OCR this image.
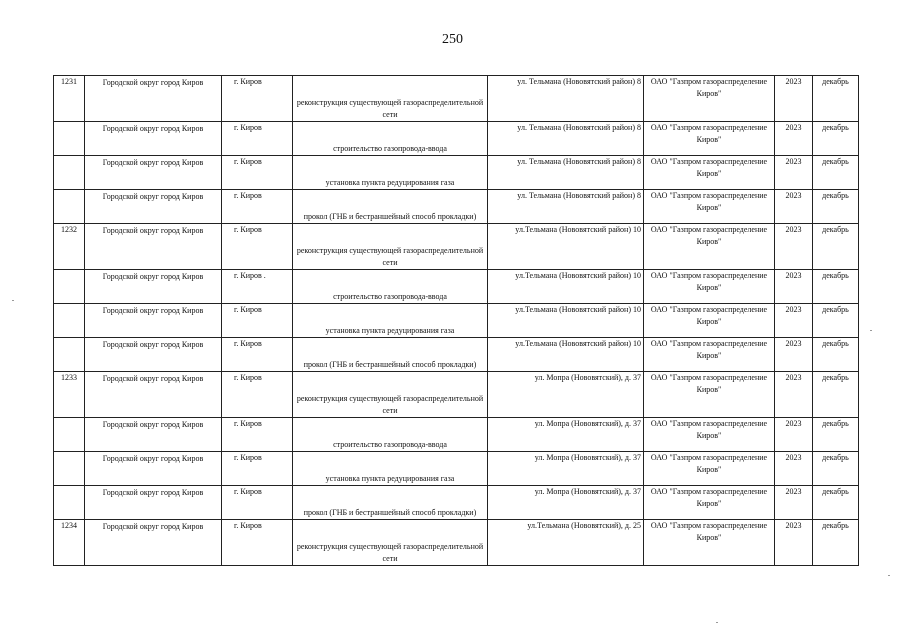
250
1231	Городской округ город Киров	г. Киров	реконструкция существующей газораспределительной сети	ул. Тельмана (Нововятский район) 8	ОАО "Газпром газораспределение Киров"	2023	декабрь
	Городской округ город Киров	г. Киров	строительство газопровода-ввода	ул. Тельмана (Нововятский район) 8	ОАО "Газпром газораспределение Киров"	2023	декабрь
	Городской округ город Киров	г. Киров	установка пункта редуцирования газа	ул. Тельмана (Нововятский район) 8	ОАО "Газпром газораспределение Киров"	2023	декабрь
	Городской округ город Киров	г. Киров	прокол (ГНБ и бестраншейный способ прокладки)	ул. Тельмана (Нововятский район) 8	ОАО "Газпром газораспределение Киров"	2023	декабрь
1232	Городской округ город Киров	г. Киров	реконструкция существующей газораспределительной сети	ул.Тельмана (Нововятский район) 10	ОАО "Газпром газораспределение Киров"	2023	декабрь
	Городской округ город Киров	г. Киров .	строительство газопровода-ввода	ул.Тельмана (Нововятский район) 10	ОАО "Газпром газораспределение Киров"	2023	декабрь
	Городской округ город Киров	г. Киров	установка пункта редуцирования газа	ул.Тельмана (Нововятский район) 10	ОАО "Газпром газораспределение Киров"	2023	декабрь
	Городской округ город Киров	г. Киров	прокол (ГНБ и бестраншейный способ прокладки)	ул.Тельмана (Нововятский район) 10	ОАО "Газпром газораспределение Киров"	2023	декабрь
1233	Городской округ город Киров	г. Киров	реконструкция существующей газораспределительной сети	ул. Мопра (Нововятский), д. 37	ОАО "Газпром газораспределение Киров"	2023	декабрь
	Городской округ город Киров	г. Киров	строительство газопровода-ввода	ул. Мопра (Нововятский), д. 37	ОАО "Газпром газораспределение Киров"	2023	декабрь
	Городской округ город Киров	г. Киров	установка пункта редуцирования газа	ул. Мопра (Нововятский), д. 37	ОАО "Газпром газораспределение Киров"	2023	декабрь
	Городской округ город Киров	г. Киров	прокол (ГНБ и бестраншейный способ прокладки)	ул. Мопра (Нововятский), д. 37	ОАО "Газпром газораспределение Киров"	2023	декабрь
1234	Городской округ город Киров	г. Киров	реконструкция существующей газораспределительной сети	ул.Тельмана (Нововятский), д. 25	ОАО "Газпром газораспределение Киров"	2023	декабрь
